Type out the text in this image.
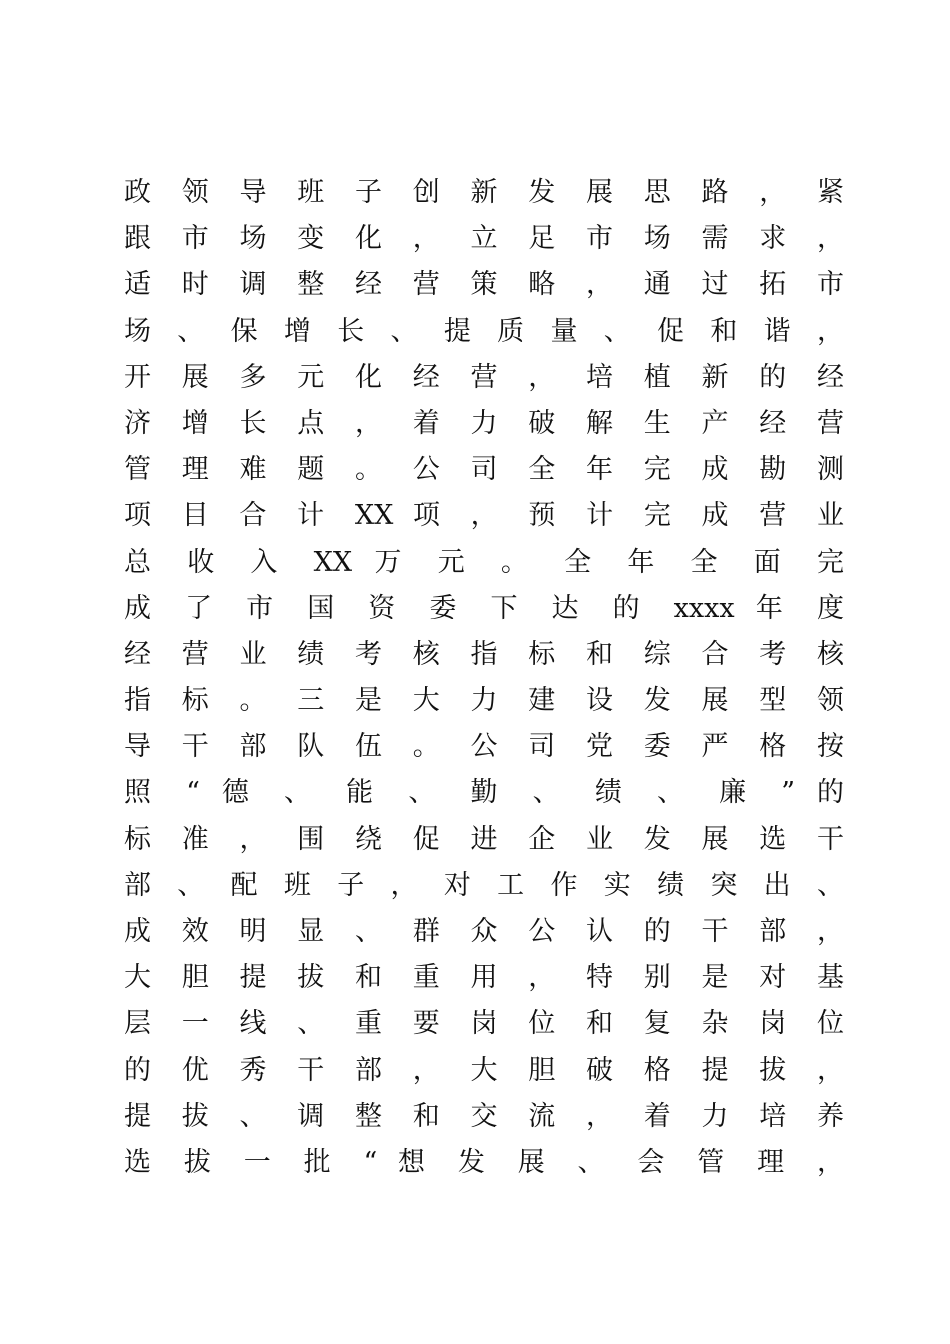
政 领 导 班 子 创 新 发 展 思 路 ， 紧
跟 市 场 变 化 ， 立 足 市 场 需 求 ，
适 时 调 整 经 营 策 略 ， 通 过 拓 市
场 、 保 增 长 、 提 质 量 、 促 和 谐 ，
开 展 多 元 化 经 营 ， 培 植 新 的 经
济 增 长 点 ， 着 力 破 解 生 产 经 营
管 理 难 题 。 公 司 全 年 完 成 勘 测
项 目 合 计 XX 项 ， 预 计 完 成 营 业
总 收 入 XX 万 元 。 全 年 全 面 完
成 了 市 国 资 委 下 达 的 xxxx 年 度
经 营 业 绩 考 核 指 标 和 综 合 考 核
指 标 。 三 是 大 力 建 设 发 展 型 领
导 干 部 队 伍 。 公 司 党 委 严 格 按
照 “ 德 、 能 、 勤 、 绩 、 廉 ” 的
标 准 ， 围 绕 促 进 企 业 发 展 选 干
部 、 配 班 子 ， 对 工 作 实 绩 突 出 、
成 效 明 显 、 群 众 公 认 的 干 部 ，
大 胆 提 拔 和 重 用 ， 特 别 是 对 基
层 一 线 、 重 要 岗 位 和 复 杂 岗 位
的 优 秀 干 部 ， 大 胆 破 格 提 拔 ，
提 拔 、 调 整 和 交 流 ， 着 力 培 养
选 拔 一 批 “ 想 发 展 、 会 管 理 ，
